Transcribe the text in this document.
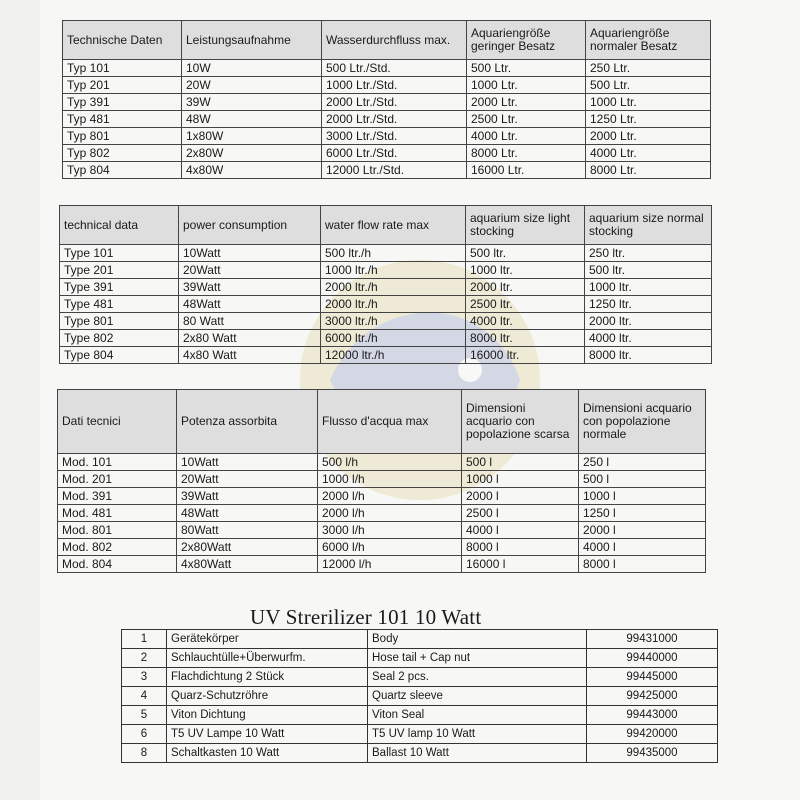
Technische Daten	Leistungsaufnahme	Wasserdurchfluss max.	Aquariengröße geringer Besatz	Aquariengröße normaler Besatz
Typ 101	10W	500 Ltr./Std.	500 Ltr.	250 Ltr.
Typ 201	20W	1000 Ltr./Std.	1000 Ltr.	500 Ltr.
Typ 391	39W	2000 Ltr./Std.	2000 Ltr.	1000 Ltr.
Typ 481	48W	2000 Ltr./Std.	2500 Ltr.	1250 Ltr.
Typ 801	1x80W	3000 Ltr./Std.	4000 Ltr.	2000 Ltr.
Typ 802	2x80W	6000 Ltr./Std.	8000 Ltr.	4000 Ltr.
Typ 804	4x80W	12000 Ltr./Std.	16000 Ltr.	8000 Ltr.
technical data	power consumption	water flow rate max	aquarium size light stocking	aquarium size normal stocking
Type 101	10Watt	500 ltr./h	500 ltr.	250 ltr.
Type 201	20Watt	1000 ltr./h	1000 ltr.	500 ltr.
Type 391	39Watt	2000 ltr./h	2000 ltr.	1000 ltr.
Type 481	48Watt	2000 ltr./h	2500 ltr.	1250 ltr.
Type 801	80 Watt	3000 ltr./h	4000 ltr.	2000 ltr.
Type 802	2x80 Watt	6000 ltr./h	8000 ltr.	4000 ltr.
Type 804	4x80 Watt	12000 ltr./h	16000 ltr.	8000 ltr.
Dati tecnici	Potenza assorbita	Flusso d'acqua max	Dimensioni acquario con popolazione scarsa	Dimensioni acquario con popolazione normale
Mod. 101	10Watt	500 l/h	500 l	250 l
Mod. 201	20Watt	1000 l/h	1000 l	500 l
Mod. 391	39Watt	2000 l/h	2000 l	1000 l
Mod. 481	48Watt	2000 l/h	2500 l	1250 l
Mod. 801	80Watt	3000 l/h	4000 l	2000 l
Mod. 802	2x80Watt	6000 l/h	8000 l	4000 l
Mod. 804	4x80Watt	12000 l/h	16000 l	8000 l
UV Strerilizer 101 10 Watt
1	Gerätekörper	Body	99431000
2	Schlauchtülle+Überwurfm.	Hose tail + Cap nut	99440000
3	Flachdichtung 2 Stück	Seal 2 pcs.	99445000
4	Quarz-Schutzröhre	Quartz sleeve	99425000
5	Viton Dichtung	Viton Seal	99443000
6	T5 UV Lampe 10 Watt	T5 UV lamp 10 Watt	99420000
8	Schaltkasten 10 Watt	Ballast 10 Watt	99435000
